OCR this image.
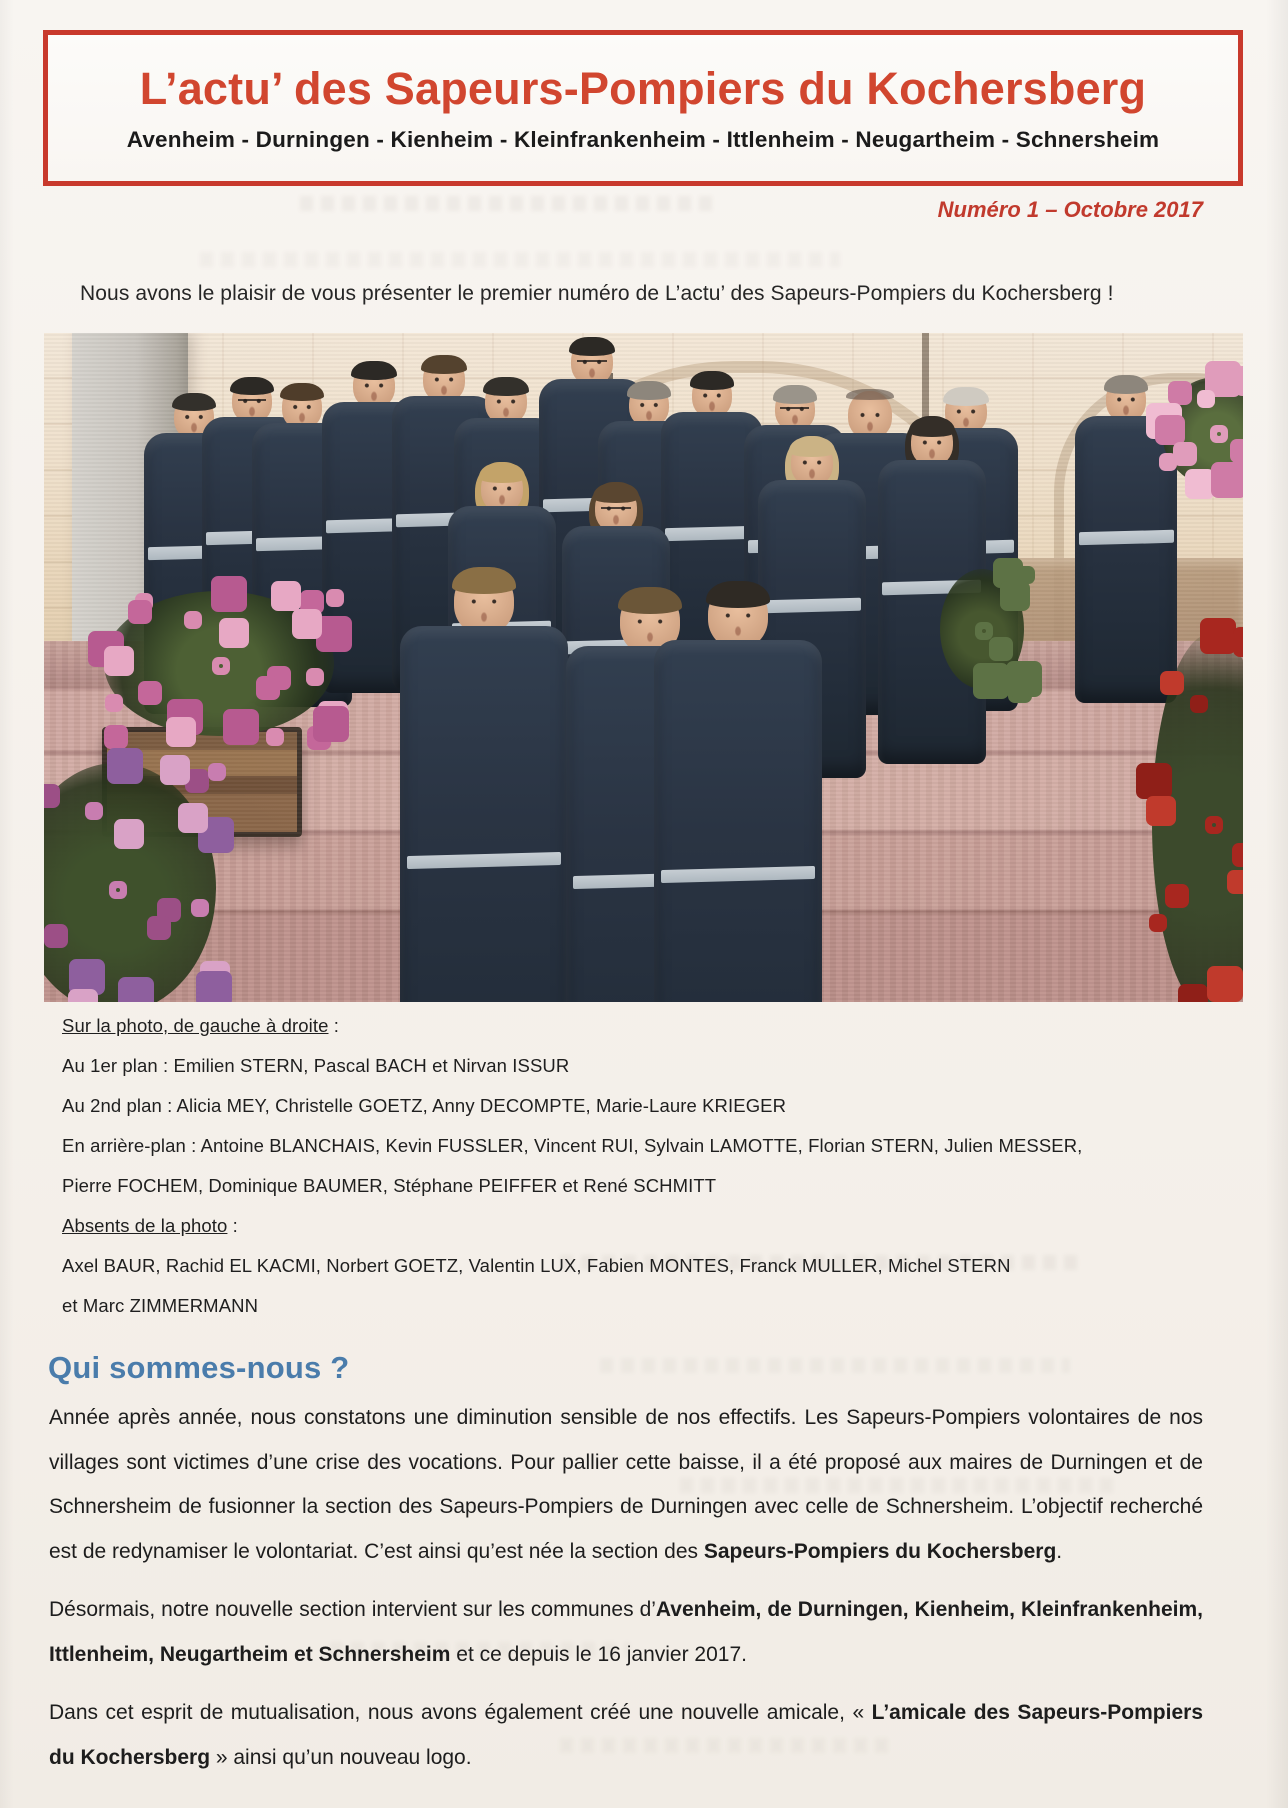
L’actu’ des Sapeurs-Pompiers du Kochersberg
Avenheim - Durningen - Kienheim - Kleinfrankenheim - Ittlenheim - Neugartheim - Schnersheim
Numéro 1 – Octobre 2017
Nous avons le plaisir de vous présenter le premier numéro de L’actu’ des Sapeurs-Pompiers du Kochersberg !
Sur la photo, de gauche à droite :
Au 1er plan : Emilien STERN, Pascal BACH et Nirvan ISSUR
Au 2nd plan : Alicia MEY, Christelle GOETZ, Anny DECOMPTE, Marie-Laure KRIEGER
En arrière-plan : Antoine BLANCHAIS, Kevin FUSSLER, Vincent RUI, Sylvain LAMOTTE, Florian STERN, Julien MESSER,
Pierre FOCHEM, Dominique BAUMER, Stéphane PEIFFER et René SCHMITT
Absents de la photo :
Axel BAUR, Rachid EL KACMI, Norbert GOETZ, Valentin LUX, Fabien MONTES, Franck MULLER, Michel STERN
et Marc ZIMMERMANN
Qui sommes-nous ?

Année après année, nous constatons une diminution sensible de nos effectifs. Les Sapeurs-Pompiers volontaires de nos villages sont victimes d’une crise des vocations. Pour pallier cette baisse, il a été proposé aux maires de Durningen et de Schnersheim de fusionner la section des Sapeurs-Pompiers de Durningen avec celle de Schnersheim. L’objectif recherché est de redynamiser le volontariat. C’est ainsi qu’est née la section des Sapeurs-Pompiers du Kochersberg.

Désormais, notre nouvelle section intervient sur les communes d’Avenheim, de Durningen, Kienheim, Kleinfrankenheim, Ittlenheim, Neugartheim et Schnersheim et ce depuis le 16 janvier 2017.

Dans cet esprit de mutualisation, nous avons également créé une nouvelle amicale, « L’amicale des Sapeurs-Pompiers du Kochersberg » ainsi qu’un nouveau logo.
